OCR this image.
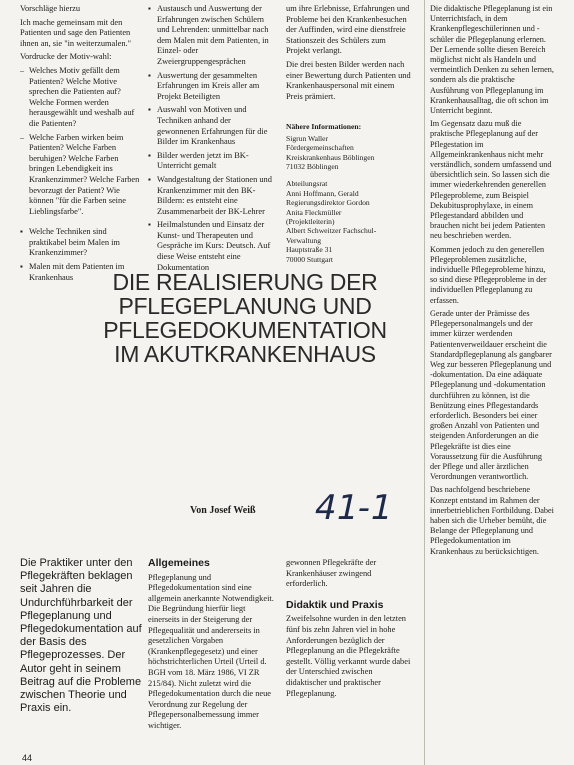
Vorschläge hierzu

Ich mache gemeinsam mit den Patienten und sage den Patienten ihnen an, sie "in weiterzumalen."

Vordrucke der Motiv-wahl:

– Welches Motiv gefällt dem Patienten? Welche Motive sprechen die Patienten auf? Welche Formen werden herausgewählt und weshalb auf die Patienten?
– Welche Farben wirken beim Patienten? Welche Farben beruhigen? Welche Farben bringen Lebendigkeit ins Krankenzimmer? Welche Farben bevorzugt der Patient? Wie können "für die Farben seine Lieblingsfarbe".
▪ Welche Techniken sind praktikabel beim Malen im Krankenzimmer?
▪ Malen mit dem Patienten im Krankenhaus
▪ Austausch und Auswertung der Erfahrungen zwischen Schülern und Lehrenden: unmittelbar nach dem Malen mit dem Patienten, in Einzel- oder Zweiergruppengesprächen
▪ Auswertung der gesammelten Erfahrungen im Kreis aller am Projekt Beteiligten
▪ Auswahl von Motiven und Techniken anhand der gewonnenen Erfahrungen für die Bilder im Krankenhaus
▪ Bilder werden jetzt im BK-Unterricht gemalt
▪ Wandgestaltung der Stationen und Krankenzimmer mit den BK-Bildern: es entsteht eine Zusammenarbeit der BK-Lehrer
▪ Heilmalstunden und Einsatz der Kunst- und Therapeuten und Gespräche im Kurs: Deutsch. Auf diese Weise entsteht eine Dokumentation

um ihre Erlebnisse, Erfahrungen und Probleme bei den Krankenbesuchen der Auffinden, wird eine dienstfreie Stationszeit des Schülers zum Projekt verlangt.

Die drei besten Bilder werden nach einer Bewertung durch Patienten und Krankenhauspersonal mit einem Preis prämiert.

Nähere Informationen:
Sigrun Waller
Fördergemeinschaften
Kreiskrankenhaus Böblingen
71032 Böblingen
Abteilungsrat
Anni Hoffmann, Gerald
Regierungsdirektor Gordon
Anita Fleckmüller
(Projektleiterin)
Albert Schweitzer Fachschul-
Verwaltung
Hauptstraße 31
70000 Stuttgart

Die didaktische Pflegeplanung ist ein Unterrichtsfach, in dem Krankenpflegeschülerinnen und -schüler die Pflegeplanung erlernen. Der Lernende sollte diesen Bereich möglichst nicht als Handeln und vermeintlich Denken zu sehen lernen, sondern als die praktische Ausführung von Pflegeplanung im Krankenhausalltag, die oft schon im Unterricht beginnt.

Im Gegensatz dazu muß die praktische Pflegeplanung auf der Pflegestation im Allgemeinkrankenhaus nicht mehr verständlich, sondern umfassend und übersichtlich sein. So lassen sich die immer wiederkehrenden generellen Pflegeprobleme, zum Beispiel Dekubitusprophylaxe, in einem Pflegestandard abbilden und brauchen nicht bei jedem Patienten neu beschrieben werden.

Kommen jedoch zu den generellen Pflegeproblemen zusätzliche, individuelle Pflegeprobleme hinzu, so sind diese Pflegeprobleme in der individuellen Pflegeplanung zu erfassen.

Gerade unter der Prämisse des Pflegepersonalmangels und der immer kürzer werdenden Patientenverweildauer erscheint die Standardpflegeplanung als gangbarer Weg zur besseren Pflegeplanung und -dokumentation. Da eine adäquate Pflegeplanung und -dokumentation durchführen zu können, ist die Benützung eines Pflegestandards erforderlich. Besonders bei einer großen Anzahl von Patienten und steigenden Anforderungen an die Pflegekräfte ist dies eine Voraussetzung für die Ausführung der Pflege und aller ärztlichen Verordnungen verantwortlich.

Das nachfolgend beschriebene Konzept entstand im Rahmen der innerbetrieblichen Fortbildung. Dabei haben sich die Urheber bemüht, die Belange der Pflegeplanung und Pflegedokumentation im Krankenhaus zu berücksichtigen.

DIE REALISIERUNG DER
PFLEGEPLANUNG UND
PFLEGEDOKUMENTATION
IM AKUTKRANKENHAUS
Von Josef Weiß 41-1
Die Praktiker unter den Pflegekräften beklagen seit Jahren die Undurchführbarkeit der Pflegeplanung und Pflegedokumentation auf der Basis des Pflegeprozesses. Der Autor geht in seinem Beitrag auf die Probleme zwischen Theorie und Praxis ein.
Allgemeines

Pflegeplanung und Pflegedokumentation sind eine allgemein anerkannte Notwendigkeit. Die Begründung hierfür liegt einerseits in der Steigerung der Pflegequalität und andererseits in gesetzlichen Vorgaben (Krankenpflegegesetz) und einer höchstrichterlichen Urteil (Urteil d. BGH vom 18. März 1986, VI ZR 215/84). Nicht zuletzt wird die Pflegedokumentation durch die neue Verordnung zur Regelung der Pflegepersonalbemessung immer wichtiger.

gewonnen Pflegekräfte der Krankenhäuser zwingend erforderlich.

Didaktik und Praxis

Zweifelsohne wurden in den letzten fünf bis zehn Jahren viel in hohe Anforderungen bezüglich der Pflegeplanung an die Pflegekräfte gestellt. Völlig verkannt wurde dabei der Unterschied zwischen didaktischer und praktischer Pflegeplanung.

44
